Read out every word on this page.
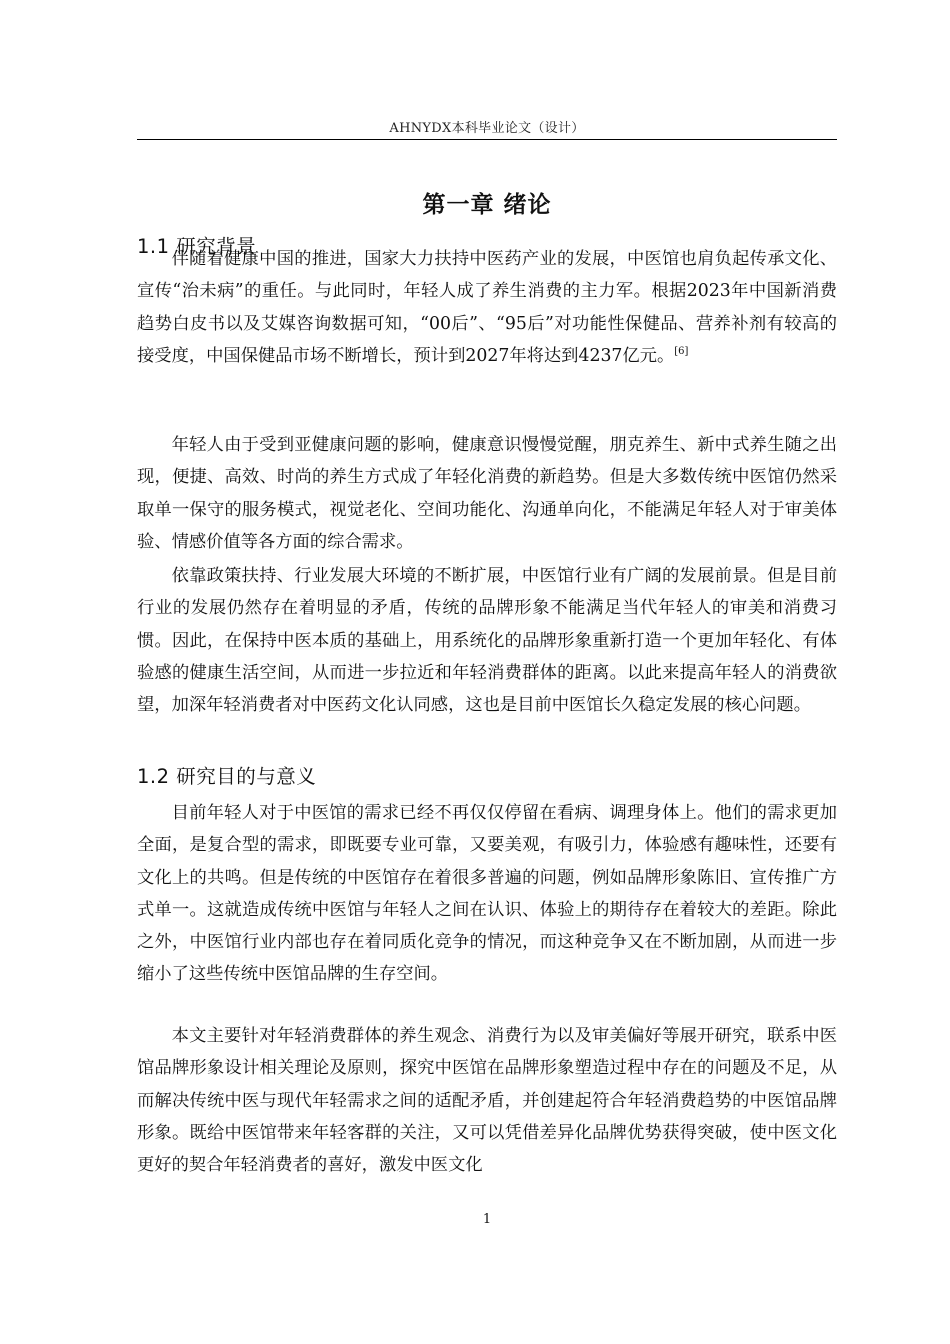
AHNYDX本科毕业论文（设计）
第一章 绪论
1.1 研究背景

伴随着健康中国的推进，国家大力扶持中医药产业的发展，中医馆也肩负起传承文化、宣传“治未病”的重任。与此同时，年轻人成了养生消费的主力军。根据2023年中国新消费趋势白皮书以及艾媒咨询数据可知，“00后”、“95后”对功能性保健品、营养补剂有较高的接受度，中国保健品市场不断增长，预计到2027年将达到4237亿元。[6]

年轻人由于受到亚健康问题的影响，健康意识慢慢觉醒，朋克养生、新中式养生随之出现，便捷、高效、时尚的养生方式成了年轻化消费的新趋势。但是大多数传统中医馆仍然采取单一保守的服务模式，视觉老化、空间功能化、沟通单向化，不能满足年轻人对于审美体验、情感价值等各方面的综合需求。

依靠政策扶持、行业发展大环境的不断扩展，中医馆行业有广阔的发展前景。但是目前行业的发展仍然存在着明显的矛盾，传统的品牌形象不能满足当代年轻人的审美和消费习惯。因此，在保持中医本质的基础上，用系统化的品牌形象重新打造一个更加年轻化、有体验感的健康生活空间，从而进一步拉近和年轻消费群体的距离。以此来提高年轻人的消费欲望，加深年轻消费者对中医药文化认同感，这也是目前中医馆长久稳定发展的核心问题。

1.2 研究目的与意义

目前年轻人对于中医馆的需求已经不再仅仅停留在看病、调理身体上。他们的需求更加全面，是复合型的需求，即既要专业可靠，又要美观，有吸引力，体验感有趣味性，还要有文化上的共鸣。但是传统的中医馆存在着很多普遍的问题，例如品牌形象陈旧、宣传推广方式单一。这就造成传统中医馆与年轻人之间在认识、体验上的期待存在着较大的差距。除此之外，中医馆行业内部也存在着同质化竞争的情况，而这种竞争又在不断加剧，从而进一步缩小了这些传统中医馆品牌的生存空间。

本文主要针对年轻消费群体的养生观念、消费行为以及审美偏好等展开研究，联系中医馆品牌形象设计相关理论及原则，探究中医馆在品牌形象塑造过程中存在的问题及不足，从而解决传统中医与现代年轻需求之间的适配矛盾，并创建起符合年轻消费趋势的中医馆品牌形象。既给中医馆带来年轻客群的关注，又可以凭借差异化品牌优势获得突破，使中医文化更好的契合年轻消费者的喜好，激发中医文化

1
